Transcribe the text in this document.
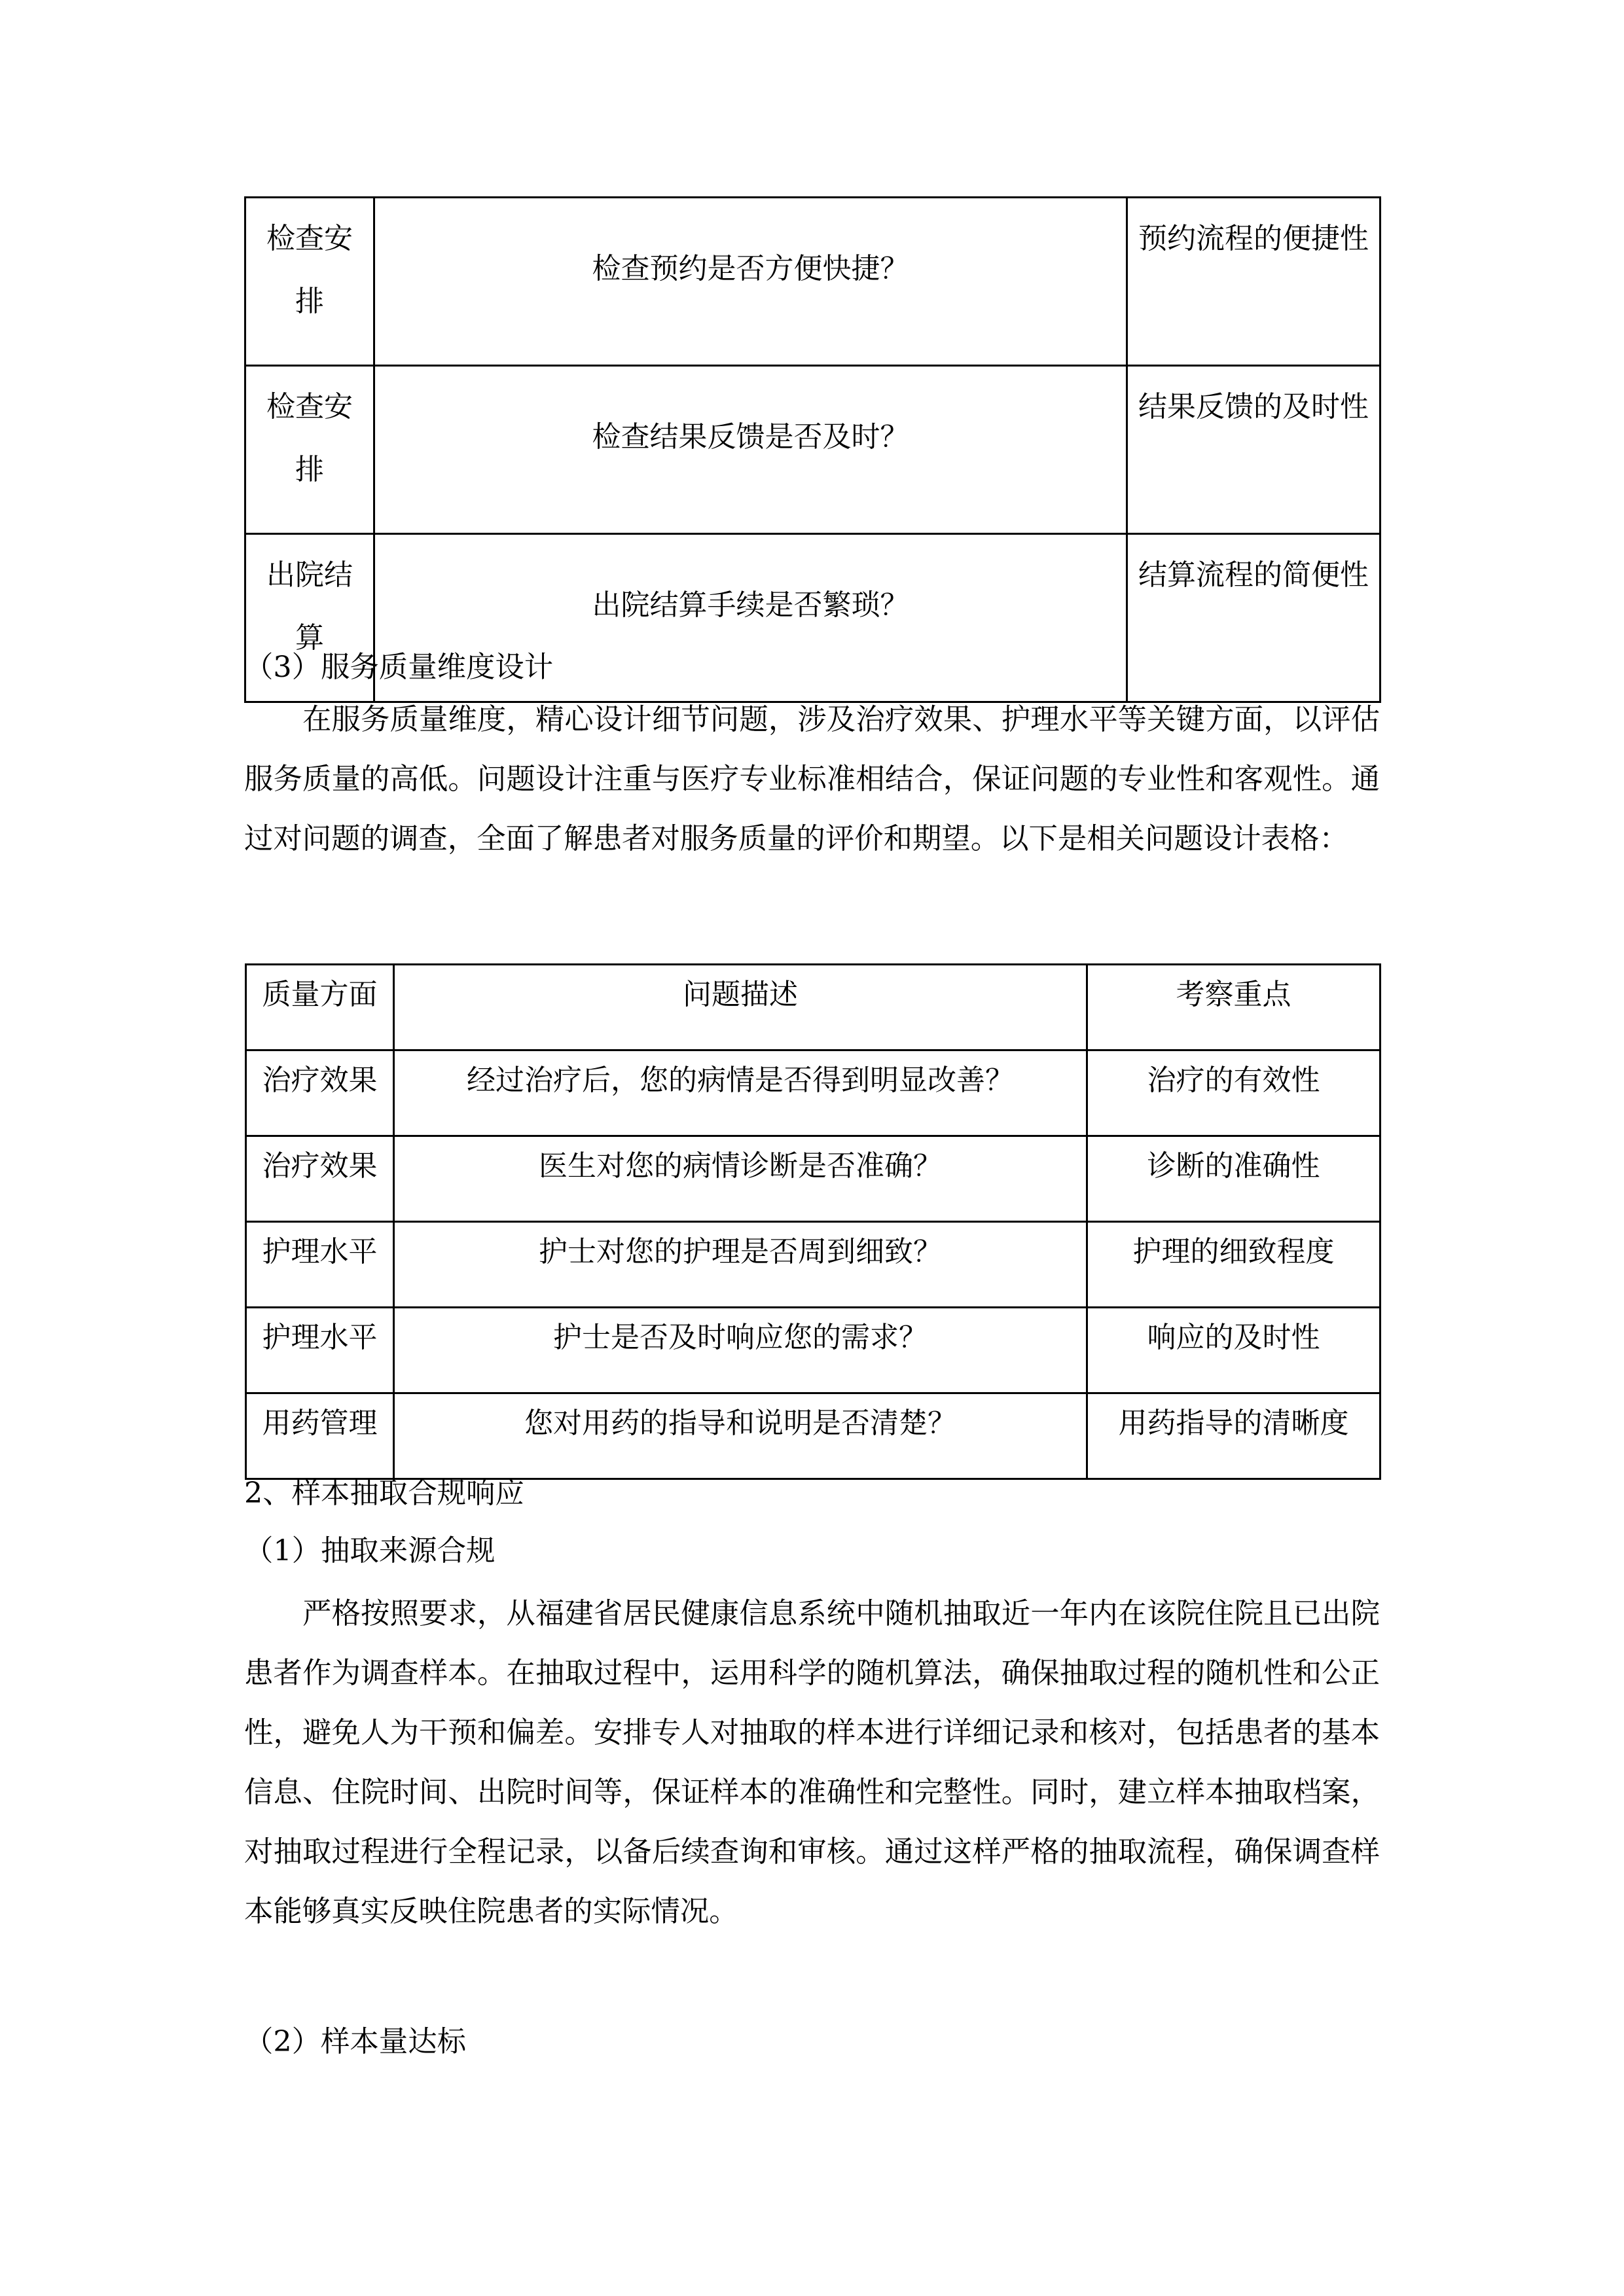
检查安排	检查预约是否方便快捷？	预约流程的便捷性
检查安排	检查结果反馈是否及时？	结果反馈的及时性
出院结算	出院结算手续是否繁琐？	结算流程的简便性
（3）服务质量维度设计

在服务质量维度，精心设计细节问题，涉及治疗效果、护理水平等关键方面，以评估服务质量的高低。问题设计注重与医疗专业标准相结合，保证问题的专业性和客观性。通过对问题的调查，全面了解患者对服务质量的评价和期望。以下是相关问题设计表格：

质量方面	问题描述	考察重点
治疗效果	经过治疗后，您的病情是否得到明显改善？	治疗的有效性
治疗效果	医生对您的病情诊断是否准确？	诊断的准确性
护理水平	护士对您的护理是否周到细致？	护理的细致程度
护理水平	护士是否及时响应您的需求？	响应的及时性
用药管理	您对用药的指导和说明是否清楚？	用药指导的清晰度
2、样本抽取合规响应
（1）抽取来源合规

严格按照要求，从福建省居民健康信息系统中随机抽取近一年内在该院住院且已出院患者作为调查样本。在抽取过程中，运用科学的随机算法，确保抽取过程的随机性和公正性，避免人为干预和偏差。安排专人对抽取的样本进行详细记录和核对，包括患者的基本信息、住院时间、出院时间等，保证样本的准确性和完整性。同时，建立样本抽取档案，对抽取过程进行全程记录，以备后续查询和审核。通过这样严格的抽取流程，确保调查样本能够真实反映住院患者的实际情况。

（2）样本量达标
